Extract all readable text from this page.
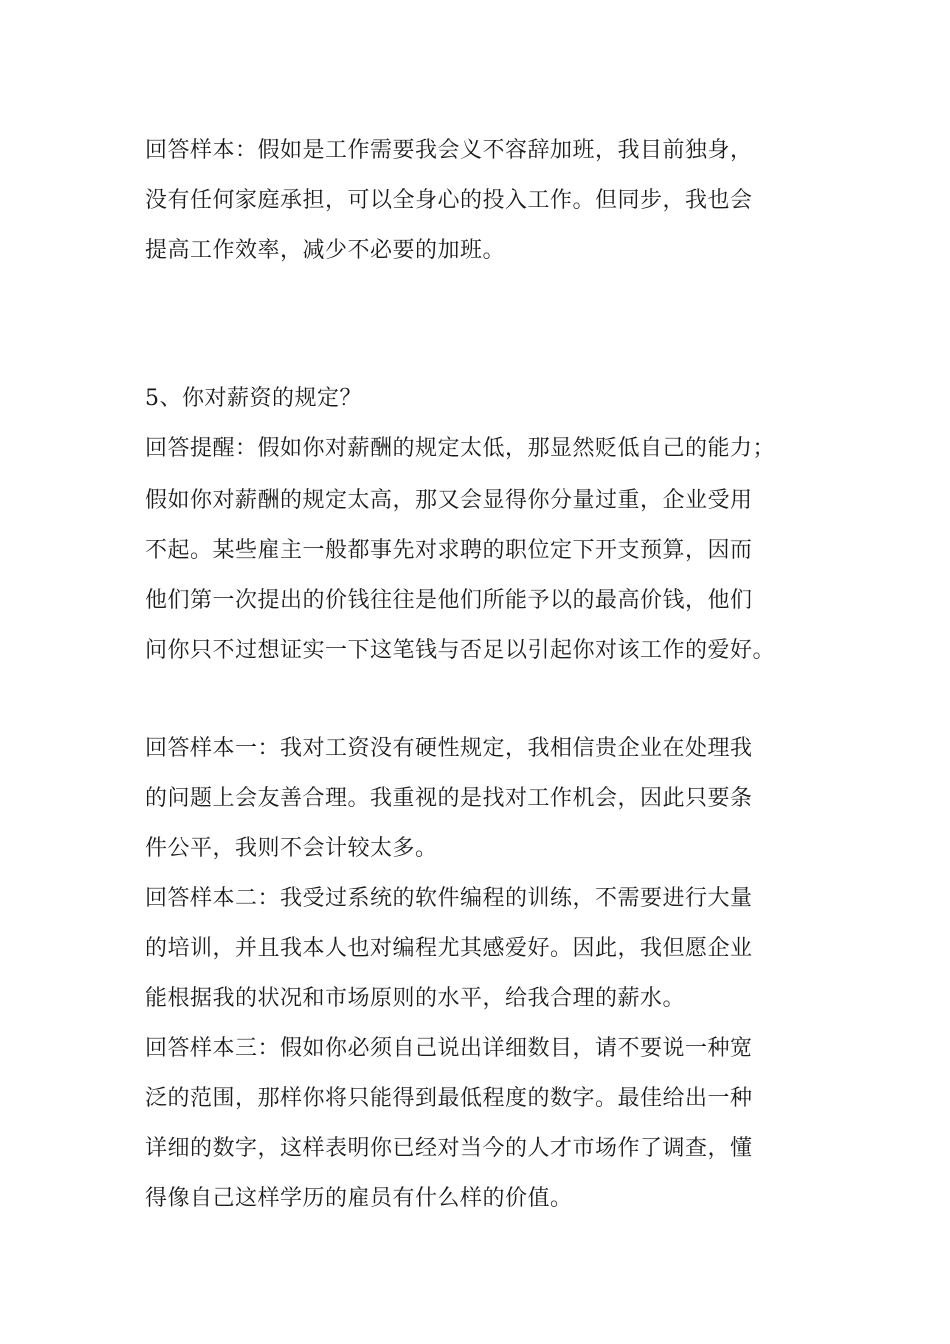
回答样本：假如是工作需要我会义不容辞加班，我目前独身，
没有任何家庭承担，可以全身心的投入工作。但同步，我也会
提高工作效率，减少不必要的加班。
5、你对薪资的规定？
回答提醒：假如你对薪酬的规定太低，那显然贬低自己的能力；
假如你对薪酬的规定太高，那又会显得你分量过重，企业受用
不起。某些雇主一般都事先对求聘的职位定下开支预算，因而
他们第一次提出的价钱往往是他们所能予以的最高价钱，他们
问你只不过想证实一下这笔钱与否足以引起你对该工作的爱好。
回答样本一：我对工资没有硬性规定，我相信贵企业在处理我
的问题上会友善合理。我重视的是找对工作机会，因此只要条
件公平，我则不会计较太多。
回答样本二：我受过系统的软件编程的训练，不需要进行大量
的培训，并且我本人也对编程尤其感爱好。因此，我但愿企业
能根据我的状况和市场原则的水平，给我合理的薪水。
回答样本三：假如你必须自己说出详细数目，请不要说一种宽
泛的范围，那样你将只能得到最低程度的数字。最佳给出一种
详细的数字，这样表明你已经对当今的人才市场作了调查，懂
得像自己这样学历的雇员有什么样的价值。
